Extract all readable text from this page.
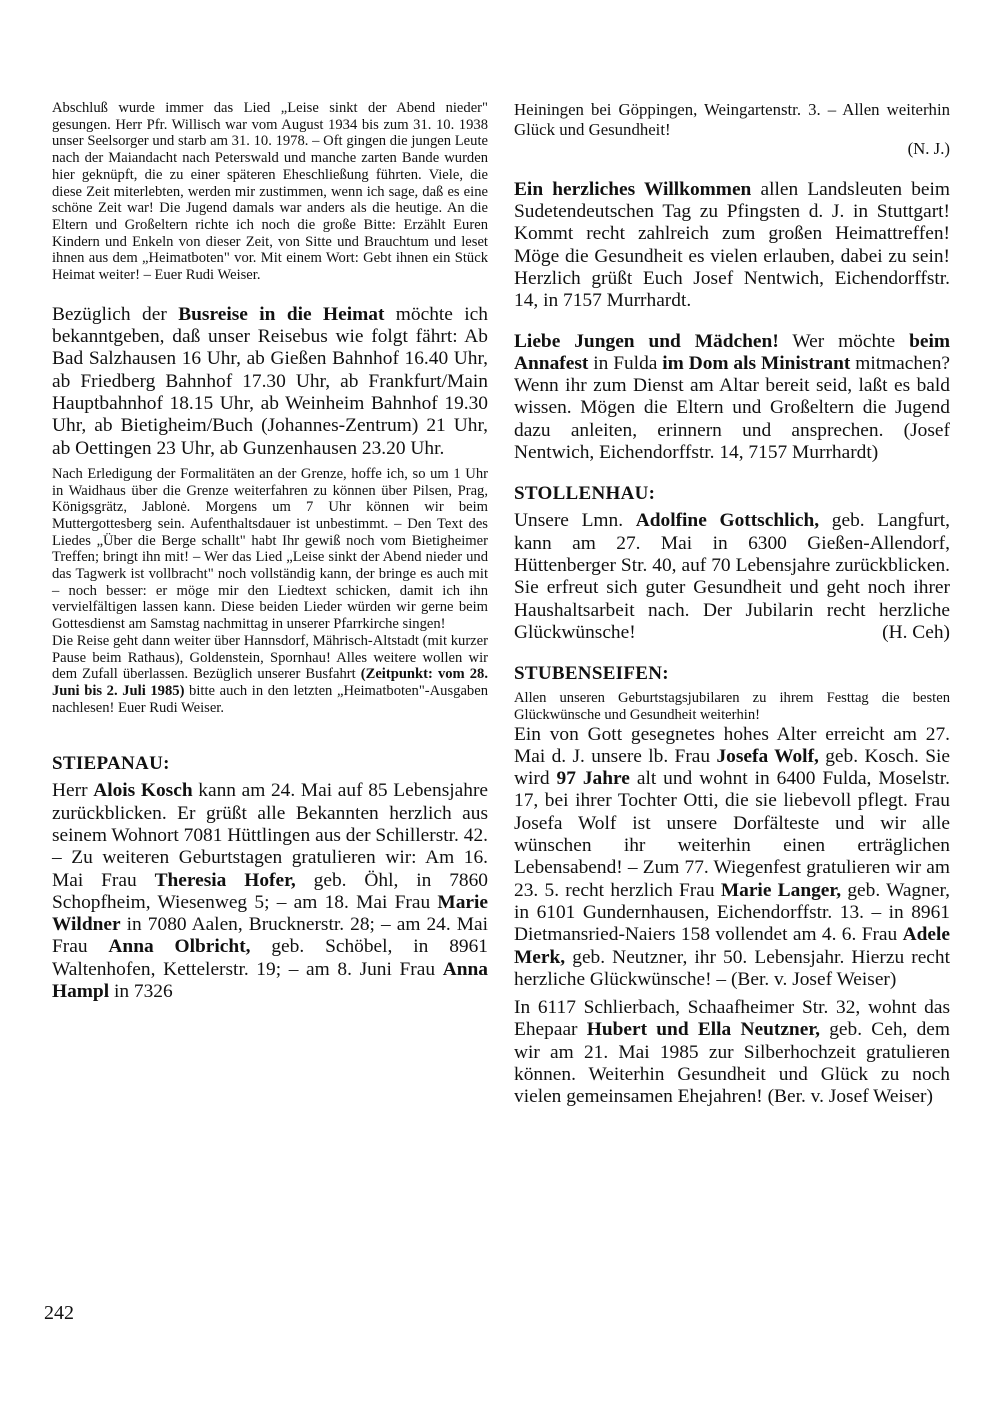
Abschluß wurde immer das Lied „Leise sinkt der Abend nieder" gesungen. Herr Pfr. Willisch war vom August 1934 bis zum 31. 10. 1938 unser Seelsorger und starb am 31. 10. 1978. – Oft gingen die jungen Leute nach der Maiandacht nach Peterswald und manche zarten Bande wurden hier geknüpft, die zu einer späteren Eheschließung führten. Viele, die diese Zeit miterlebten, werden mir zustimmen, wenn ich sage, daß es eine schöne Zeit war! Die Jugend damals war anders als die heutige. An die Eltern und Großeltern richte ich noch die große Bitte: Erzählt Euren Kindern und Enkeln von dieser Zeit, von Sitte und Brauchtum und leset ihnen aus dem „Heimatboten" vor. Mit einem Wort: Gebt ihnen ein Stück Heimat weiter! – Euer Rudi Weiser.

Bezüglich der Busreise in die Heimat möchte ich bekanntgeben, daß unser Reisebus wie folgt fährt: Ab Bad Salzhausen 16 Uhr, ab Gießen Bahnhof 16.40 Uhr, ab Friedberg Bahnhof 17.30 Uhr, ab Frankfurt/Main Hauptbahnhof 18.15 Uhr, ab Weinheim Bahnhof 19.30 Uhr, ab Bietigheim/Buch (Johannes-Zentrum) 21 Uhr, ab Oettingen 23 Uhr, ab Gunzenhausen 23.20 Uhr.

Nach Erledigung der Formalitäten an der Grenze, hoffe ich, so um 1 Uhr in Waidhaus über die Grenze weiterfahren zu können über Pilsen, Prag, Königsgrätz, Jablonė. Morgens um 7 Uhr können wir beim Muttergottesberg sein. Aufenthaltsdauer ist unbestimmt. – Den Text des Liedes „Über die Berge schallt" habt Ihr gewiß noch vom Bietigheimer Treffen; bringt ihn mit! – Wer das Lied „Leise sinkt der Abend nieder und das Tagwerk ist vollbracht" noch vollständig kann, der bringe es auch mit – noch besser: er möge mir den Liedtext schicken, damit ich ihn vervielfältigen lassen kann. Diese beiden Lieder würden wir gerne beim Gottesdienst am Samstag nachmittag in unserer Pfarrkirche singen!

Die Reise geht dann weiter über Hannsdorf, Mährisch-Altstadt (mit kurzer Pause beim Rathaus), Goldenstein, Spornhau! Alles weitere wollen wir dem Zufall überlassen. Bezüglich unserer Busfahrt (Zeitpunkt: vom 28. Juni bis 2. Juli 1985) bitte auch in den letzten „Heimatboten"-Ausgaben nachlesen! Euer Rudi Weiser.

STIEPANAU:

Herr Alois Kosch kann am 24. Mai auf 85 Lebensjahre zurückblicken. Er grüßt alle Bekannten herzlich aus seinem Wohnort 7081 Hüttlingen aus der Schillerstr. 42. – Zu weiteren Geburtstagen gratulieren wir: Am 16. Mai Frau Theresia Hofer, geb. Öhl, in 7860 Schopfheim, Wiesenweg 5; – am 18. Mai Frau Marie Wildner in 7080 Aalen, Brucknerstr. 28; – am 24. Mai Frau Anna Olbricht, geb. Schöbel, in 8961 Waltenhofen, Kettelerstr. 19; – am 8. Juni Frau Anna Hampl in 7326

Heiningen bei Göppingen, Weingartenstr. 3. – Allen weiterhin Glück und Gesundheit!

(N. J.)

Ein herzliches Willkommen allen Landsleuten beim Sudetendeutschen Tag zu Pfingsten d. J. in Stuttgart! Kommt recht zahlreich zum großen Heimattreffen! Möge die Gesundheit es vielen erlauben, dabei zu sein! Herzlich grüßt Euch Josef Nentwich, Eichendorffstr. 14, in 7157 Murrhardt.

Liebe Jungen und Mädchen! Wer möchte beim Annafest in Fulda im Dom als Ministrant mitmachen? Wenn ihr zum Dienst am Altar bereit seid, laßt es bald wissen. Mögen die Eltern und Großeltern die Jugend dazu anleiten, erinnern und ansprechen. (Josef Nentwich, Eichendorffstr. 14, 7157 Murrhardt)

STOLLENHAU:

Unsere Lmn. Adolfine Gottschlich, geb. Langfurt, kann am 27. Mai in 6300 Gießen-Allendorf, Hüttenberger Str. 40, auf 70 Lebensjahre zurückblicken. Sie erfreut sich guter Gesundheit und geht noch ihrer Haushaltsarbeit nach. Der Jubilarin recht herzliche Glückwünsche!	(H. Ceh)

STUBENSEIFEN:

Allen unseren Geburtstagsjubilaren zu ihrem Festtag die besten Glückwünsche und Gesundheit weiterhin!

Ein von Gott gesegnetes hohes Alter erreicht am 27. Mai d. J. unsere lb. Frau Josefa Wolf, geb. Kosch. Sie wird 97 Jahre alt und wohnt in 6400 Fulda, Moselstr. 17, bei ihrer Tochter Otti, die sie liebevoll pflegt. Frau Josefa Wolf ist unsere Dorfälteste und wir alle wünschen ihr weiterhin einen erträglichen Lebensabend! – Zum 77. Wiegenfest gratulieren wir am 23. 5. recht herzlich Frau Marie Langer, geb. Wagner, in 6101 Gundernhausen, Eichendorffstr. 13. – in 8961 Dietmansried-Naiers 158 vollendet am 4. 6. Frau Adele Merk, geb. Neutzner, ihr 50. Lebensjahr. Hierzu recht herzliche Glückwünsche! – (Ber. v. Josef Weiser)

In 6117 Schlierbach, Schaafheimer Str. 32, wohnt das Ehepaar Hubert und Ella Neutzner, geb. Ceh, dem wir am 21. Mai 1985 zur Silberhochzeit gratulieren können. Weiterhin Gesundheit und Glück zu noch vielen gemeinsamen Ehejahren! (Ber. v. Josef Weiser)

242
